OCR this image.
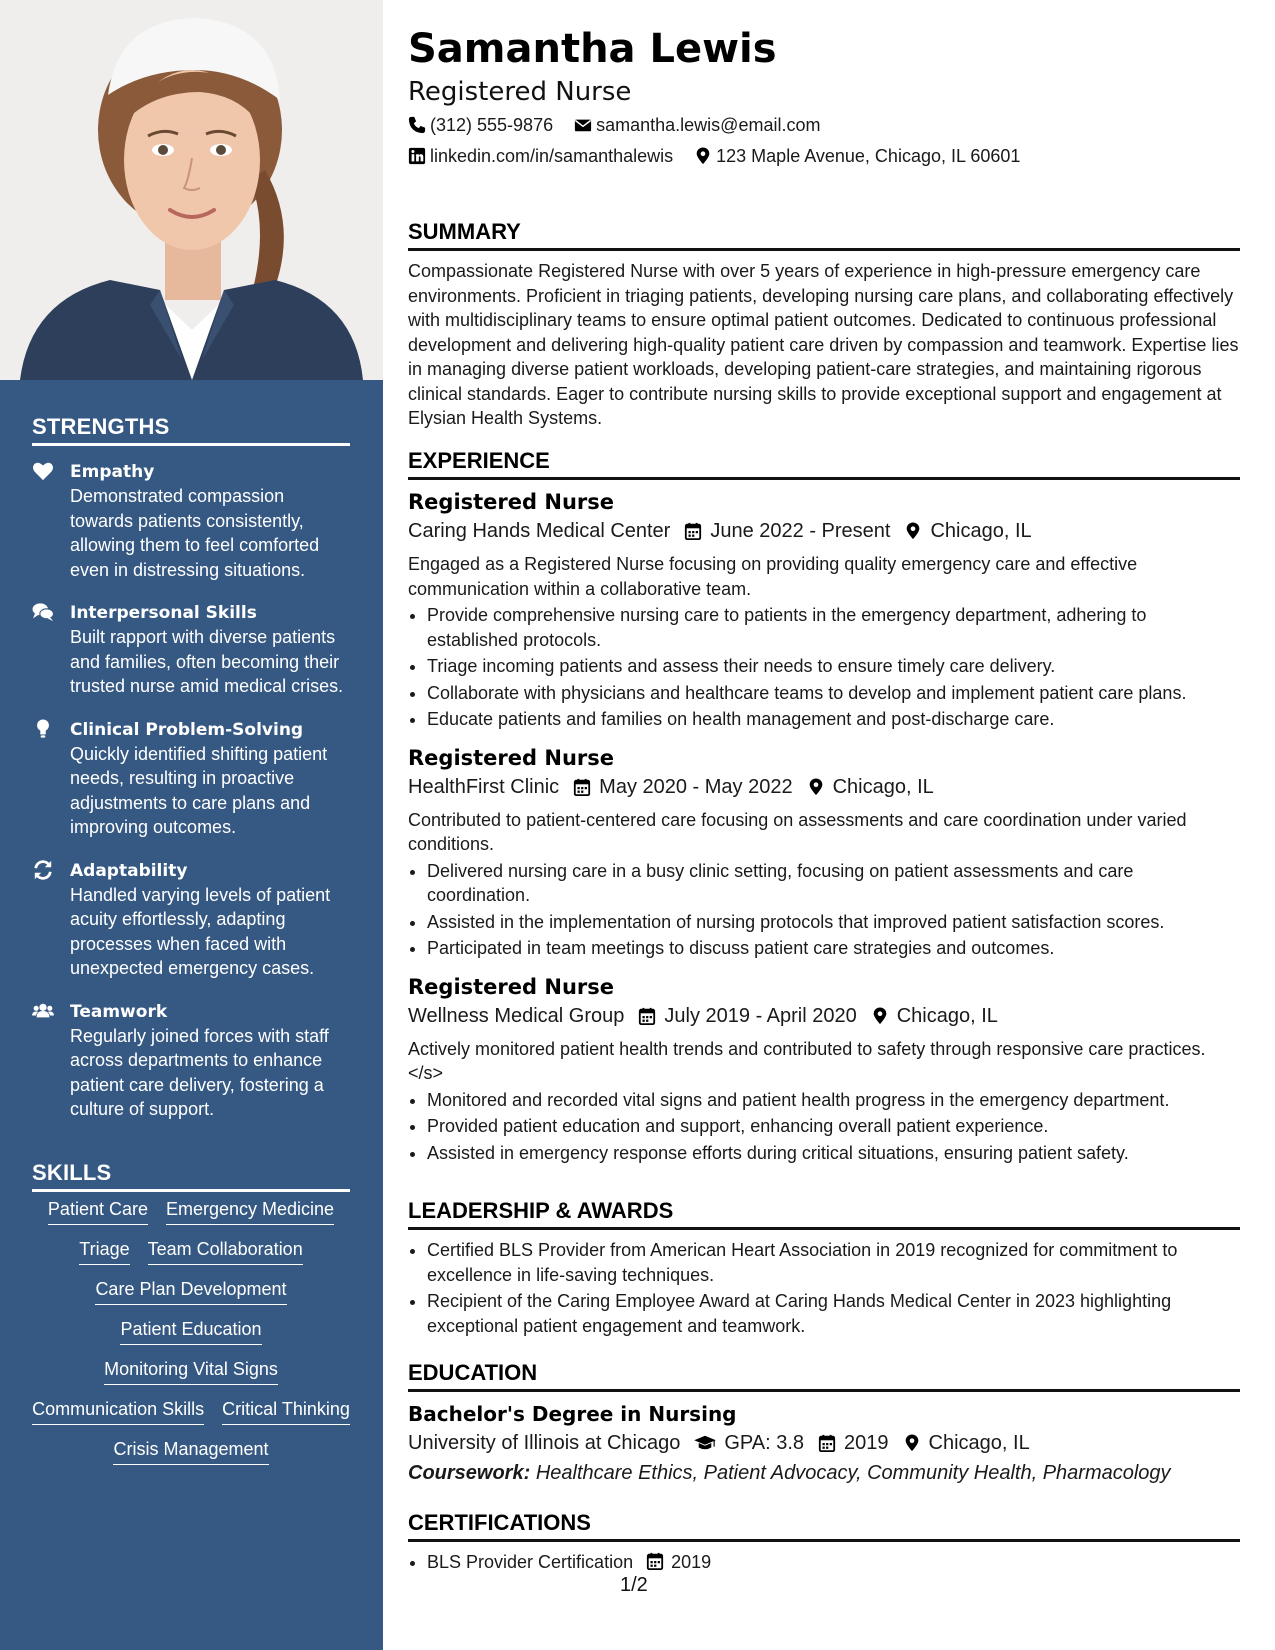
STRENGTHS
Empathy
Demonstrated compassion towards patients consistently, allowing them to feel comforted even in distressing situations.
Interpersonal Skills
Built rapport with diverse patients and families, often becoming their trusted nurse amid medical crises.
Clinical Problem-Solving
Quickly identified shifting patient needs, resulting in proactive adjustments to care plans and improving outcomes.
Adaptability
Handled varying levels of patient acuity effortlessly, adapting processes when faced with unexpected emergency cases.
Teamwork
Regularly joined forces with staff across departments to enhance patient care delivery, fostering a culture of support.
SKILLS
Patient Care Emergency Medicine
Triage Team Collaboration
Care Plan Development
Patient Education
Monitoring Vital Signs
Communication Skills Critical Thinking
Crisis Management
Samantha Lewis
Registered Nurse
(312) 555-9876
samantha.lewis@email.com
linkedin.com/in/samanthalewis
123 Maple Avenue, Chicago, IL 60601
SUMMARY

Compassionate Registered Nurse with over 5 years of experience in high-pressure emergency care environments. Proficient in triaging patients, developing nursing care plans, and collaborating effectively with multidisciplinary teams to ensure optimal patient outcomes. Dedicated to continuous professional development and delivering high-quality patient care driven by compassion and teamwork. Expertise lies in managing diverse patient workloads, developing patient-care strategies, and maintaining rigorous clinical standards. Eager to contribute nursing skills to provide exceptional support and engagement at Elysian Health Systems.

EXPERIENCE
Registered Nurse
Caring Hands Medical Center June 2022 - Present Chicago, IL

Engaged as a Registered Nurse focusing on providing quality emergency care and effective communication within a collaborative team.

• Provide comprehensive nursing care to patients in the emergency department, adhering to established protocols.
• Triage incoming patients and assess their needs to ensure timely care delivery.
• Collaborate with physicians and healthcare teams to develop and implement patient care plans.
• Educate patients and families on health management and post-discharge care.
Registered Nurse
HealthFirst Clinic May 2020 - May 2022 Chicago, IL

Contributed to patient-centered care focusing on assessments and care coordination under varied conditions.

• Delivered nursing care in a busy clinic setting, focusing on patient assessments and care coordination.
• Assisted in the implementation of nursing protocols that improved patient satisfaction scores.
• Participated in team meetings to discuss patient care strategies and outcomes.
Registered Nurse
Wellness Medical Group July 2019 - April 2020 Chicago, IL

Actively monitored patient health trends and contributed to safety through responsive care practices.</s>

• Monitored and recorded vital signs and patient health progress in the emergency department.
• Provided patient education and support, enhancing overall patient experience.
• Assisted in emergency response efforts during critical situations, ensuring patient safety.
LEADERSHIP & AWARDS
• Certified BLS Provider from American Heart Association in 2019 recognized for commitment to excellence in life-saving techniques.
• Recipient of the Caring Employee Award at Caring Hands Medical Center in 2023 highlighting exceptional patient engagement and teamwork.
EDUCATION
Bachelor's Degree in Nursing
University of Illinois at Chicago GPA: 3.8 2019 Chicago, IL
Coursework: Healthcare Ethics, Patient Advocacy, Community Health, Pharmacology
CERTIFICATIONS
• BLS Provider Certification 2019
1/2
